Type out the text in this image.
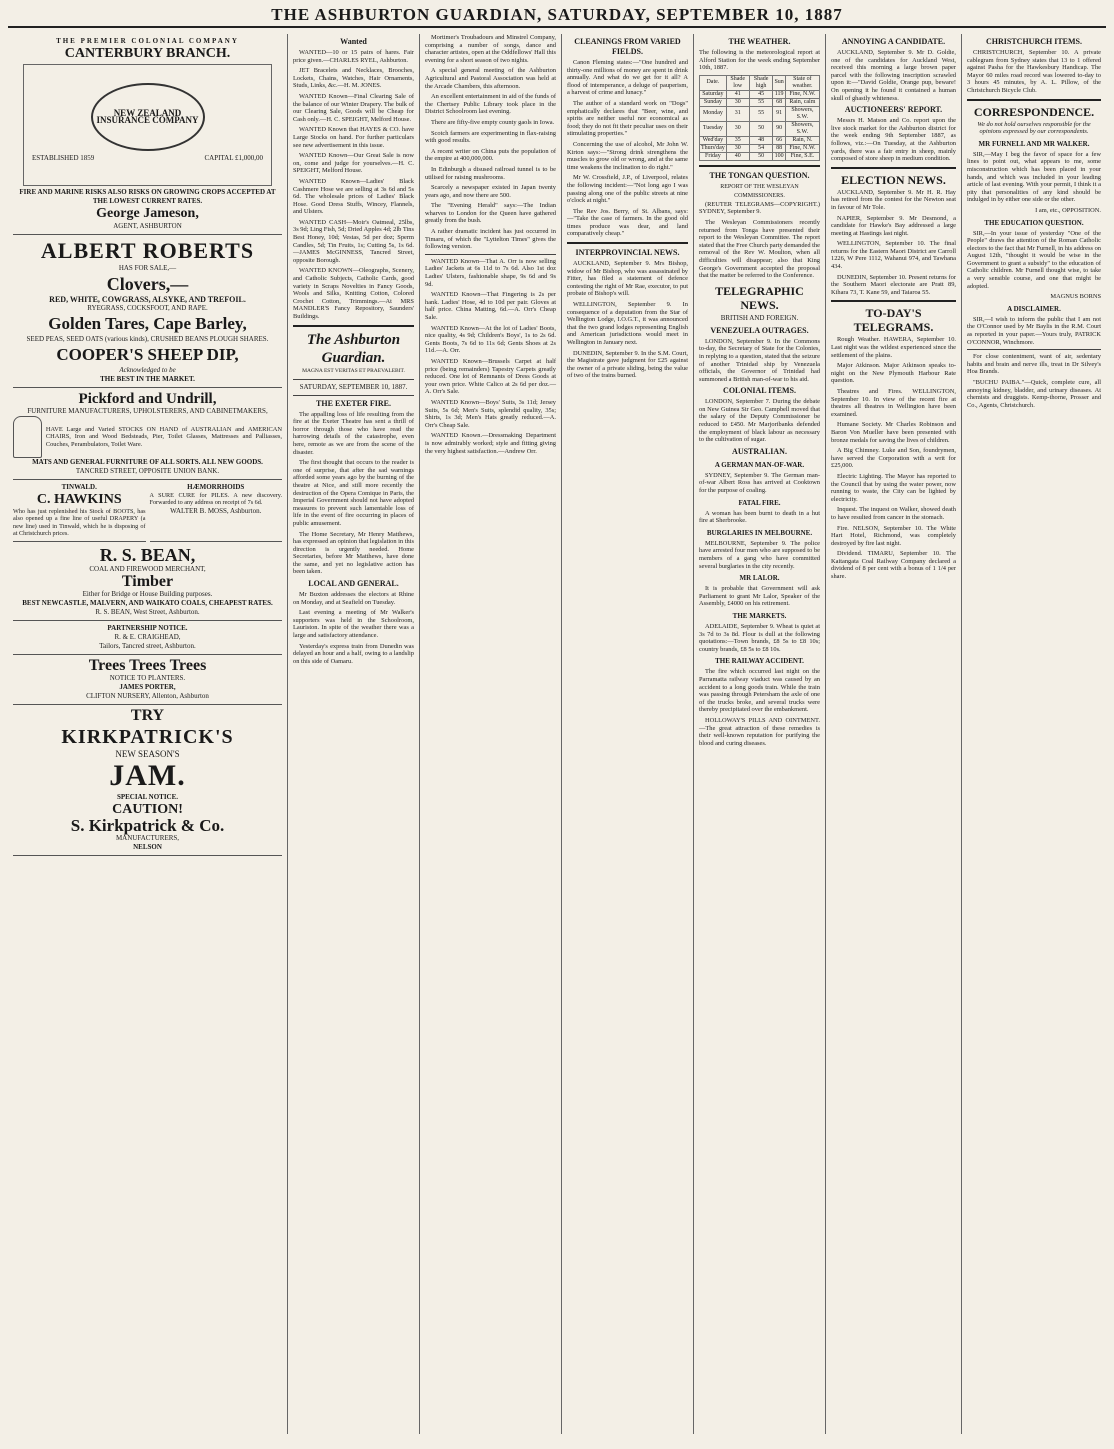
THE ASHBURTON GUARDIAN, SATURDAY, SEPTEMBER 10, 1887
THE PREMIER COLONIAL COMPANY
CANTERBURY BRANCH.
NEW ZEALAND INSURANCE COMPANY
ESTABLISHED 1859	CAPITAL £1,000,00
FIRE AND MARINE RISKS ALSO RISKS ON GROWING CROPS ACCEPTED AT THE LOWEST CURRENT RATES.
George Jameson,
AGENT, ASHBURTON
ALBERT ROBERTS
HAS FOR SALE,—
Clovers,—
RED, WHITE, COWGRASS, ALSYKE, AND TREFOIL.
RYEGRASS, COCKSFOOT, AND RAPE.
Golden Tares, Cape Barley,
SEED PEAS, SEED OATS (various kinds), CRUSHED BEANS PLOUGH SHARES.
COOPER'S SHEEP DIP,
Acknowledged to be
THE BEST IN THE MARKET.
Pickford and Undrill,
FURNITURE MANUFACTURERS, UPHOLSTERERS, AND CABINETMAKERS,
HAVE Large and Varied STOCKS ON HAND of AUSTRALIAN and AMERICAN CHAIRS, Iron and Wood Bedsteads, Pier, Toilet Glasses, Mattresses and Palliasses, Couches, Perambulators, Toilet Ware.
MATS AND GENERAL FURNITURE OF ALL SORTS. ALL NEW GOODS.
TANCRED STREET, OPPOSITE UNION BANK.
TINWALD.
C. HAWKINS
Who has just replenished his Stock of BOOTS, has also opened up a fine line of useful DRAPERY (a new line) used in Tinwald, which he is disposing of at Christchurch prices.
HÆMORRHOIDS
A SURE CURE for PILES. A new discovery. Forwarded to any address on receipt of 7s 6d.
WALTER B. MOSS, Ashburton.
R. S. BEAN,
COAL AND FIREWOOD MERCHANT,
Timber
Either for Bridge or House Building purposes.
BEST NEWCASTLE, MALVERN, AND WAIKATO COALS, CHEAPEST RATES.
R. S. BEAN, West Street, Ashburton.
PARTNERSHIP NOTICE.
R. & E. CRAIGHEAD,
Tailors, Tancred street, Ashburton.
Trees Trees Trees
NOTICE TO PLANTERS.
JAMES PORTER,
CLIFTON NURSERY, Allenton, Ashburton
TRY
KIRKPATRICK'S
NEW SEASON'S
JAM.
SPECIAL NOTICE.
CAUTION!
S. Kirkpatrick & Co.
MANUFACTURERS,
NELSON
Wanted

WANTED—10 or 15 pairs of hares. Fair price given.—CHARLES RYEL, Ashburton.

JET Bracelets and Necklaces, Brooches, Lockets, Chains, Watches, Hair Ornaments, Studs, Links, &c.—H. M. JONES.

WANTED Known—Final Clearing Sale of the balance of our Winter Drapery. The bulk of our Clearing Sale, Goods will be Cheap for Cash only.—H. C. SPEIGHT, Melford House.

WANTED Known that HAYES & CO. have Large Stocks on hand. For further particulars see new advertisement in this issue.

WANTED Known—Our Great Sale is now on, come and judge for yourselves.—H. C. SPEIGHT, Melford House.

WANTED Known—Ladies' Black Cashmere Hose we are selling at 3s 6d and 5s 6d. The wholesale prices of Ladies' Black Hose. Good Dress Stuffs, Wincey, Flannels, and Ulsters.

WANTED CASH—Moir's Oatmeal, 25lbs, 3s 9d; Ling Fish, 5d; Dried Apples 4d; 2lb Tins Best Honey, 10d; Vestas, 5d per doz; Sperm Candles, 5d; Tin Fruits, 1s; Cutting 5s, 1s 6d.—JAMES McGINNESS, Tancred Street, opposite Borough.

WANTED KNOWN—Oleographs, Scenery, and Catholic Subjects, Catholic Cards, good variety in Scraps Novelties in Fancy Goods, Wools and Silks, Knitting Cotton, Colored Crochet Cotton, Trimmings.—At MRS MANDLER'S Fancy Repository, Saunders' Buildings.

The Ashburton Guardian.
MAGNA EST VERITAS ET PRAEVALEBIT.
SATURDAY, SEPTEMBER 10, 1887.
THE EXETER FIRE.

The appalling loss of life resulting from the fire at the Exeter Theatre has sent a thrill of horror through those who have read the harrowing details of the catastrophe, even here, remote as we are from the scene of the disaster.

The first thought that occurs to the reader is one of surprise, that after the sad warnings afforded some years ago by the burning of the theatre at Nice, and still more recently the destruction of the Opera Comique in Paris, the Imperial Government should not have adopted measures to prevent such lamentable loss of life in the event of fire occurring in places of public amusement.

The Home Secretary, Mr Henry Matthews, has expressed an opinion that legislation in this direction is urgently needed. Home Secretaries, before Mr Matthews, have done the same, and yet no legislative action has been taken.

LOCAL AND GENERAL.

Mr Buxton addresses the electors at Rhine on Monday, and at Seafield on Tuesday.

Last evening a meeting of Mr Walker's supporters was held in the Schoolroom, Lauriston. In spite of the weather there was a large and satisfactory attendance.

Yesterday's express train from Dunedin was delayed an hour and a half, owing to a landslip on this side of Oamaru.

Mortimer's Troubadours and Minstrel Company, comprising a number of songs, dance and character artistes, open at the Oddfellows' Hall this evening for a short season of two nights.

A special general meeting of the Ashburton Agricultural and Pastoral Association was held at the Arcade Chambers, this afternoon.

An excellent entertainment in aid of the funds of the Chertsey Public Library took place in the District Schoolroom last evening.

There are fifty-five empty county gaols in Iowa.

Scotch farmers are experimenting in flax-raising with good results.

A recent writer on China puts the population of the empire at 400,000,000.

In Edinburgh a disused railroad tunnel is to be utilised for raising mushrooms.

Scarcely a newspaper existed in Japan twenty years ago, and now there are 500.

The "Evening Herald" says:—The Indian wharves to London for the Queen have gathered greatly from the bush.

A rather dramatic incident has just occurred in Timaru, of which the "Lyttelton Times" gives the following version.

WANTED Known—That A. Orr is now selling Ladies' Jackets at 6s 11d to 7s 6d. Also 1st doz Ladies' Ulsters, fashionable shape, 9s 6d and 9s 9d.

WANTED Known—That Fingering is 2s per hank. Ladies' Hose, 4d to 10d per pair. Gloves at half price. China Matting, 6d.—A. Orr's Cheap Sale.

WANTED Known—At the lot of Ladies' Boots, nice quality, 4s 9d; Children's Boys', 1s to 2s 6d. Gents Boots, 7s 6d to 11s 6d; Gents Shoes at 2s 11d.—A. Orr.

WANTED Known—Brussels Carpet at half price (being remainders) Tapestry Carpets greatly reduced. One lot of Remnants of Dress Goods at your own price. White Calico at 2s 6d per doz.—A. Orr's Sale.

WANTED Known—Boys' Suits, 3s 11d; Jersey Suits, 5s 6d; Men's Suits, splendid quality, 35s; Shirts, 1s 3d; Men's Hats greatly reduced.—A. Orr's Cheap Sale.

WANTED Known.—Dressmaking Department is now admirably worked; style and fitting giving the very highest satisfaction.—Andrew Orr.

CLEANINGS FROM VARIED FIELDS.

Canon Fleming states:—"One hundred and thirty-one millions of money are spent in drink annually. And what do we get for it all? A flood of intemperance, a deluge of pauperism, a harvest of crime and lunacy."

The author of a standard work on "Dogs" emphatically declares that "Beer, wine, and spirits are neither useful nor economical as food; they do not fit their peculiar uses on their stimulating properties."

Concerning the use of alcohol, Mr John W. Kirton says:—"Strong drink strengthens the muscles to grow old or wrong, and at the same time weakens the inclination to do right."

Mr W. Crossfield, J.P., of Liverpool, relates the following incident:—"Not long ago I was passing along one of the public streets at nine o'clock at night."

The Rev Jos. Berry, of St. Albans, says:—"Take the case of farmers. In the good old times produce was dear, and land comparatively cheap."

INTERPROVINCIAL NEWS.

AUCKLAND, September 9. Mrs Bishop, widow of Mr Bishop, who was assassinated by Fitter, has filed a statement of defence contesting the right of Mr Rae, executor, to put probate of Bishop's will.

WELLINGTON, September 9. In consequence of a deputation from the Star of Wellington Lodge, I.O.G.T., it was announced that the two grand lodges representing English and American jurisdictions would meet in Wellington in January next.

DUNEDIN, September 9. In the S.M. Court, the Magistrate gave judgment for £25 against the owner of a private sliding, being the value of two of the trains burned.

THE WEATHER.

The following is the meteorological report at Alford Station for the week ending September 10th, 1887.

Date.	Shade low	Shade high	Sun	State of weather.
Saturday	41	45	119	Fine, N.W.
Sunday	30	55	68	Rain, calm
Monday	31	55	91	Showers, S.W.
Tuesday	30	50	90	Showers, S.W.
Wed'day	35	48	66	Rain, N.
Thurs'day	30	54	88	Fine, N.W.
Friday	40	50	100	Fine, S.E.
THE TONGAN QUESTION.
REPORT OF THE WESLEYAN COMMISSIONERS.

(REUTER TELEGRAMS—COPYRIGHT.) SYDNEY, September 9.

The Wesleyan Commissioners recently returned from Tonga have presented their report to the Wesleyan Committee. The report stated that the Free Church party demanded the removal of the Rev W. Moulton, when all difficulties will disappear; also that King George's Government accepted the proposal that the matter be referred to the Conference.

TELEGRAPHIC NEWS.
BRITISH AND FOREIGN.
VENEZUELA OUTRAGES.

LONDON, September 9. In the Commons to-day, the Secretary of State for the Colonies, in replying to a question, stated that the seizure of another Trinidad ship by Venezuela officials, the Governor of Trinidad had summoned a British man-of-war to his aid.

COLONIAL ITEMS.

LONDON, September 7. During the debate on New Guinea Sir Geo. Campbell moved that the salary of the Deputy Commissioner be reduced to £450. Mr Marjoribanks defended the employment of black labour as necessary to the cultivation of sugar.

AUSTRALIAN.
A GERMAN MAN-OF-WAR.

SYDNEY, September 9. The German man-of-war Albert Ross has arrived at Cooktown for the purpose of coaling.

FATAL FIRE.

A woman has been burnt to death in a hut fire at Sherbrooke.

BURGLARIES IN MELBOURNE.

MELBOURNE, September 9. The police have arrested four men who are supposed to be members of a gang who have committed several burglaries in the city recently.

MR LALOR.

It is probable that Government will ask Parliament to grant Mr Lalor, Speaker of the Assembly, £4000 on his retirement.

THE MARKETS.

ADELAIDE, September 9. Wheat is quiet at 3s 7d to 3s 8d. Flour is dull at the following quotations:—Town brands, £8 5s to £8 10s; country brands, £8 5s to £8 10s.

THE RAILWAY ACCIDENT.

The fire which occurred last night on the Parramatta railway viaduct was caused by an accident to a long goods train. While the train was passing through Petersham the axle of one of the trucks broke, and several trucks were thereby precipitated over the embankment.

HOLLOWAY'S PILLS AND OINTMENT.—The great attraction of these remedies is their well-known reputation for purifying the blood and curing diseases.

ANNOYING A CANDIDATE.

AUCKLAND, September 9. Mr D. Goldie, one of the candidates for Auckland West, received this morning a large brown paper parcel with the following inscription scrawled upon it:—"David Goldie, Orange pup, beware! On opening it he found it contained a human skull of ghastly whiteness.

AUCTIONEERS' REPORT.

Messrs H. Matson and Co. report upon the live stock market for the Ashburton district for the week ending 9th September 1887, as follows, viz.:—On Tuesday, at the Ashburton yards, there was a fair entry in sheep, mainly composed of store sheep in medium condition.

ELECTION NEWS.

AUCKLAND, September 9. Mr H. R. Hay has retired from the contest for the Newton seat in favour of Mr Tole.

NAPIER, September 9. Mr Desmond, a candidate for Hawke's Bay addressed a large meeting at Hastings last night.

WELLINGTON, September 10. The final returns for the Eastern Maori District are Carroll 1226, W Pere 1112, Wahanui 974, and Tawhana 434.

DUNEDIN, September 10. Present returns for the Southern Maori electorate are Pratt 89, Kihara 73, T. Kane 59, and Taiaroa 55.

TO-DAY'S TELEGRAMS.

Rough Weather. HAWERA, September 10. Last night was the wildest experienced since the settlement of the plains.

Major Atkinson. Major Atkinson speaks to-night on the New Plymouth Harbour Rate question.

Theatres and Fires. WELLINGTON, September 10. In view of the recent fire at theatres all theatres in Wellington have been examined.

Humane Society. Mr Charles Robinson and Baron Von Mueller have been presented with bronze medals for saving the lives of children.

A Big Chimney. Luke and Son, foundrymen, have served the Corporation with a writ for £25,000.

Electric Lighting. The Mayor has reported to the Council that by using the water power, now running to waste, the City can be lighted by electricity.

Inquest. The inquest on Walker, showed death to have resulted from cancer in the stomach.

Fire. NELSON, September 10. The White Hart Hotel, Richmond, was completely destroyed by fire last night.

Dividend. TIMARU, September 10. The Kaitangata Coal Railway Company declared a dividend of 8 per cent with a bonus of 1 1/4 per share.

CHRISTCHURCH ITEMS.

CHRISTCHURCH, September 10. A private cablegram from Sydney states that 13 to 1 offered against Pasha for the Hawkesbury Handicap. The Mayor 60 miles road record was lowered to-day to 3 hours 45 minutes, by A. L. Pillow, of the Christchurch Bicycle Club.

CORRESPONDENCE.

We do not hold ourselves responsible for the opinions expressed by our correspondents.

MR FURNELL AND MR WALKER.

SIR,—May I beg the favor of space for a few lines to point out, what appears to me, some misconstruction which has been placed in your hands, and which was included in your leading article of last evening. With your permit, I think it a pity that personalities of any kind should be indulged in by either one side or the other.

I am, etc., OPPOSITION.

THE EDUCATION QUESTION.

SIR,—In your issue of yesterday "One of the People" draws the attention of the Roman Catholic electors to the fact that Mr Furnell, in his address on August 12th, "thought it would be wise in the Government to grant a subsidy" to the education of Catholic children. Mr Furnell thought wise, to take a very sensible course, and one that might be adopted.

MAGNUS BORNS

A DISCLAIMER.

SIR,—I wish to inform the public that I am not the O'Connor used by Mr Baylis in the R.M. Court as reported in your paper.—Yours truly, PATRICK O'CONNOR, Winchmore.

For close contentment, want of air, sedentary habits and brain and nerve ills, treat in Dr Silvey's Hoa Brands.

"BUCHU PAIBA."—Quick, complete cure, all annoying kidney, bladder, and urinary diseases. At chemists and druggists. Kemp-thorne, Prosser and Co., Agents, Christchurch.
